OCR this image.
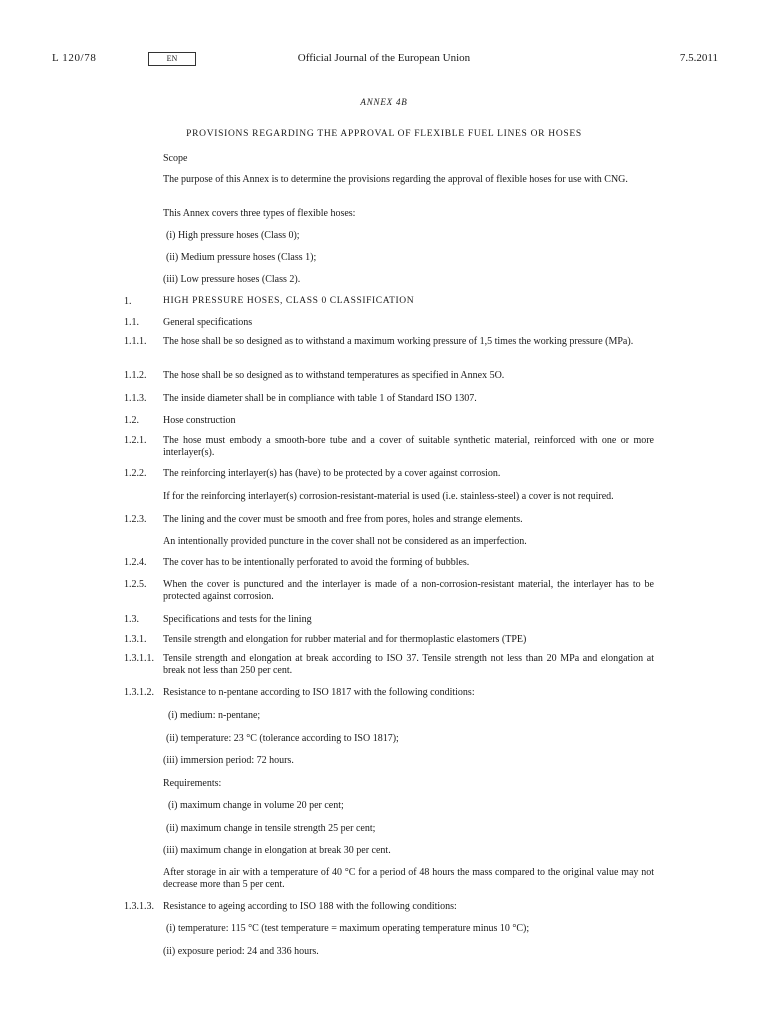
L 120/78	EN	Official Journal of the European Union	7.5.2011
ANNEX 4B
PROVISIONS REGARDING THE APPROVAL OF FLEXIBLE FUEL LINES OR HOSES
Scope
The purpose of this Annex is to determine the provisions regarding the approval of flexible hoses for use with CNG.
This Annex covers three types of flexible hoses:
(i) High pressure hoses (Class 0);
(ii) Medium pressure hoses (Class 1);
(iii) Low pressure hoses (Class 2).
1.	HIGH PRESSURE HOSES, CLASS 0 CLASSIFICATION
1.1. General specifications
1.1.1. The hose shall be so designed as to withstand a maximum working pressure of 1,5 times the working pressure (MPa).
1.1.2. The hose shall be so designed as to withstand temperatures as specified in Annex 5O.
1.1.3. The inside diameter shall be in compliance with table 1 of Standard ISO 1307.
1.2. Hose construction
1.2.1. The hose must embody a smooth-bore tube and a cover of suitable synthetic material, reinforced with one or more interlayer(s).
1.2.2. The reinforcing interlayer(s) has (have) to be protected by a cover against corrosion.
If for the reinforcing interlayer(s) corrosion-resistant-material is used (i.e. stainless-steel) a cover is not required.
1.2.3. The lining and the cover must be smooth and free from pores, holes and strange elements.
An intentionally provided puncture in the cover shall not be considered as an imperfection.
1.2.4. The cover has to be intentionally perforated to avoid the forming of bubbles.
1.2.5. When the cover is punctured and the interlayer is made of a non-corrosion-resistant material, the interlayer has to be protected against corrosion.
1.3. Specifications and tests for the lining
1.3.1. Tensile strength and elongation for rubber material and for thermoplastic elastomers (TPE)
1.3.1.1. Tensile strength and elongation at break according to ISO 37. Tensile strength not less than 20 MPa and elongation at break not less than 250 per cent.
1.3.1.2. Resistance to n-pentane according to ISO 1817 with the following conditions:
(i) medium: n-pentane;
(ii) temperature: 23 °C (tolerance according to ISO 1817);
(iii) immersion period: 72 hours.
Requirements:
(i) maximum change in volume 20 per cent;
(ii) maximum change in tensile strength 25 per cent;
(iii) maximum change in elongation at break 30 per cent.
After storage in air with a temperature of 40 °C for a period of 48 hours the mass compared to the original value may not decrease more than 5 per cent.
1.3.1.3. Resistance to ageing according to ISO 188 with the following conditions:
(i) temperature: 115 °C (test temperature = maximum operating temperature minus 10 °C);
(ii) exposure period: 24 and 336 hours.
